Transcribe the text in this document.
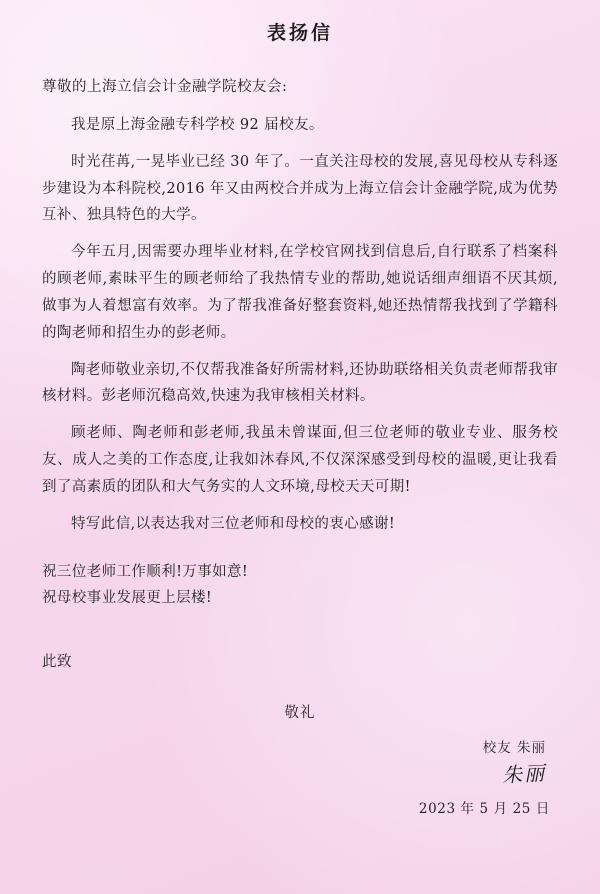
表扬信
尊敬的上海立信会计金融学院校友会:

我是原上海金融专科学校 92 届校友。

时光荏苒,一晃毕业已经 30 年了。一直关注母校的发展,喜见母校从专科逐步建设为本科院校,2016 年又由两校合并成为上海立信会计金融学院,成为优势互补、独具特色的大学。

今年五月,因需要办理毕业材料,在学校官网找到信息后,自行联系了档案科的顾老师,素昧平生的顾老师给了我热情专业的帮助,她说话细声细语不厌其烦,做事为人着想富有效率。为了帮我准备好整套资料,她还热情帮我找到了学籍科的陶老师和招生办的彭老师。

陶老师敬业亲切,不仅帮我准备好所需材料,还协助联络相关负责老师帮我审核材料。彭老师沉稳高效,快速为我审核相关材料。

顾老师、陶老师和彭老师,我虽未曾谋面,但三位老师的敬业专业、服务校友、成人之美的工作态度,让我如沐春风,不仅深深感受到母校的温暖,更让我看到了高素质的团队和大气务实的人文环境,母校天天可期!

特写此信,以表达我对三位老师和母校的衷心感谢!

祝三位老师工作顺利!万事如意!
祝母校事业发展更上层楼!
此致
敬礼
校友 朱丽
朱丽
2023 年 5 月 25 日
